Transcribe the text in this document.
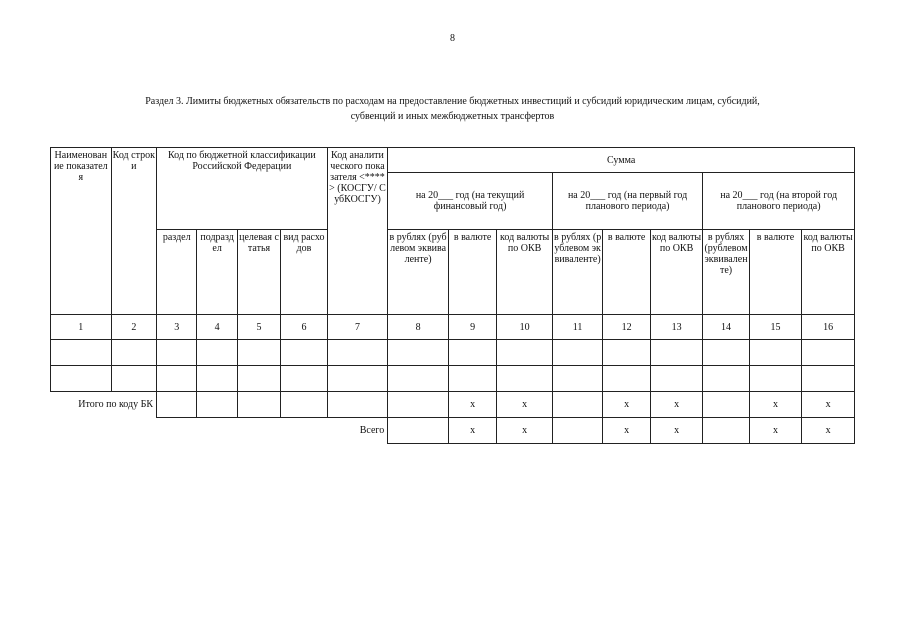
8
Раздел 3. Лимиты бюджетных обязательств по расходам на предоставление бюджетных инвестиций и субсидий юридическим лицам, субсидий,
субвенций и иных межбюджетных трансфертов
Наименование показателя	Код строки	Код по бюджетной классификации Российской Федерации				Код аналитического показателя <****> (КОСГУ/ СубКОСГУ)	Сумма								
							на 20___ год (на текущий финансовый год)			на 20___ год (на первый год планового периода)			на 20___ год (на второй год планового периода)		
		раздел	подраздел	целевая статья	вид расходов		в рублях (рублевом эквиваленте)	в валюте	код валюты по ОКВ	в рублях (рублевом эквиваленте)	в валюте	код валюты по ОКВ	в рублях (рублевом эквиваленте)	в валюте	код валюты по ОКВ
1	2	3	4	5	6	7	8	9	10	11	12	13	14	15	16

Итого по коду БК								x	x		x	x		x	x
Всего								x	x		x	x		x	x
